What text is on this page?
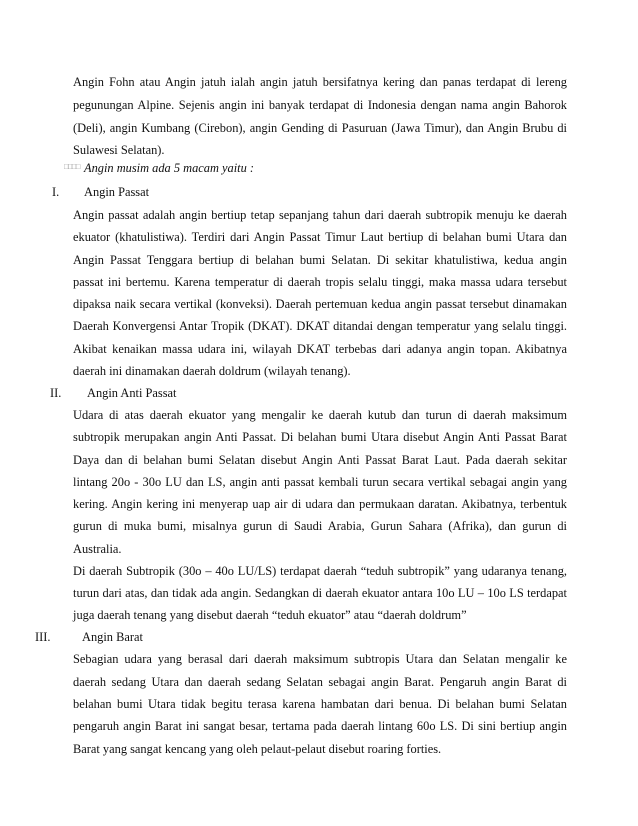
Angin Fohn atau Angin jatuh ialah angin jatuh bersifatnya kering dan panas terdapat di lereng
pegunungan Alpine. Sejenis angin ini banyak terdapat di Indonesia dengan nama angin Bahorok
(Deli), angin Kumbang (Cirebon), angin Gending di Pasuruan (Jawa Timur), dan Angin Brubu di
Sulawesi Selatan).
□□□□ Angin musim ada 5 macam yaitu :
I. Angin Passat
Angin passat adalah angin bertiup tetap sepanjang tahun dari daerah subtropik menuju ke daerah
ekuator (khatulistiwa). Terdiri dari Angin Passat Timur Laut bertiup di belahan bumi Utara dan
Angin Passat Tenggara bertiup di belahan bumi Selatan. Di sekitar khatulistiwa, kedua angin
passat ini bertemu. Karena temperatur di daerah tropis selalu tinggi, maka massa udara tersebut
dipaksa naik secara vertikal (konveksi). Daerah pertemuan kedua angin passat tersebut dinamakan
Daerah Konvergensi Antar Tropik (DKAT). DKAT ditandai dengan temperatur yang selalu tinggi.
Akibat kenaikan massa udara ini, wilayah DKAT terbebas dari adanya angin topan. Akibatnya
daerah ini dinamakan daerah doldrum (wilayah tenang).
II. Angin Anti Passat
Udara di atas daerah ekuator yang mengalir ke daerah kutub dan turun di daerah maksimum
subtropik merupakan angin Anti Passat. Di belahan bumi Utara disebut Angin Anti Passat Barat
Daya dan di belahan bumi Selatan disebut Angin Anti Passat Barat Laut. Pada daerah sekitar
lintang 20o - 30o LU dan LS, angin anti passat kembali turun secara vertikal sebagai angin yang
kering. Angin kering ini menyerap uap air di udara dan permukaan daratan. Akibatnya, terbentuk
gurun di muka bumi, misalnya gurun di Saudi Arabia, Gurun Sahara (Afrika), dan gurun di
Australia.
Di daerah Subtropik (30o – 40o LU/LS) terdapat daerah “teduh subtropik” yang udaranya tenang,
turun dari atas, dan tidak ada angin. Sedangkan di daerah ekuator antara 10o LU – 10o LS terdapat
juga daerah tenang yang disebut daerah “teduh ekuator” atau “daerah doldrum”
III.	Angin Barat
Sebagian udara yang berasal dari daerah maksimum subtropis Utara dan Selatan mengalir ke
daerah sedang Utara dan daerah sedang Selatan sebagai angin Barat. Pengaruh angin Barat di
belahan bumi Utara tidak begitu terasa karena hambatan dari benua. Di belahan bumi Selatan
pengaruh angin Barat ini sangat besar, tertama pada daerah lintang 60o LS. Di sini bertiup angin
Barat yang sangat kencang yang oleh pelaut-pelaut disebut roaring forties.
